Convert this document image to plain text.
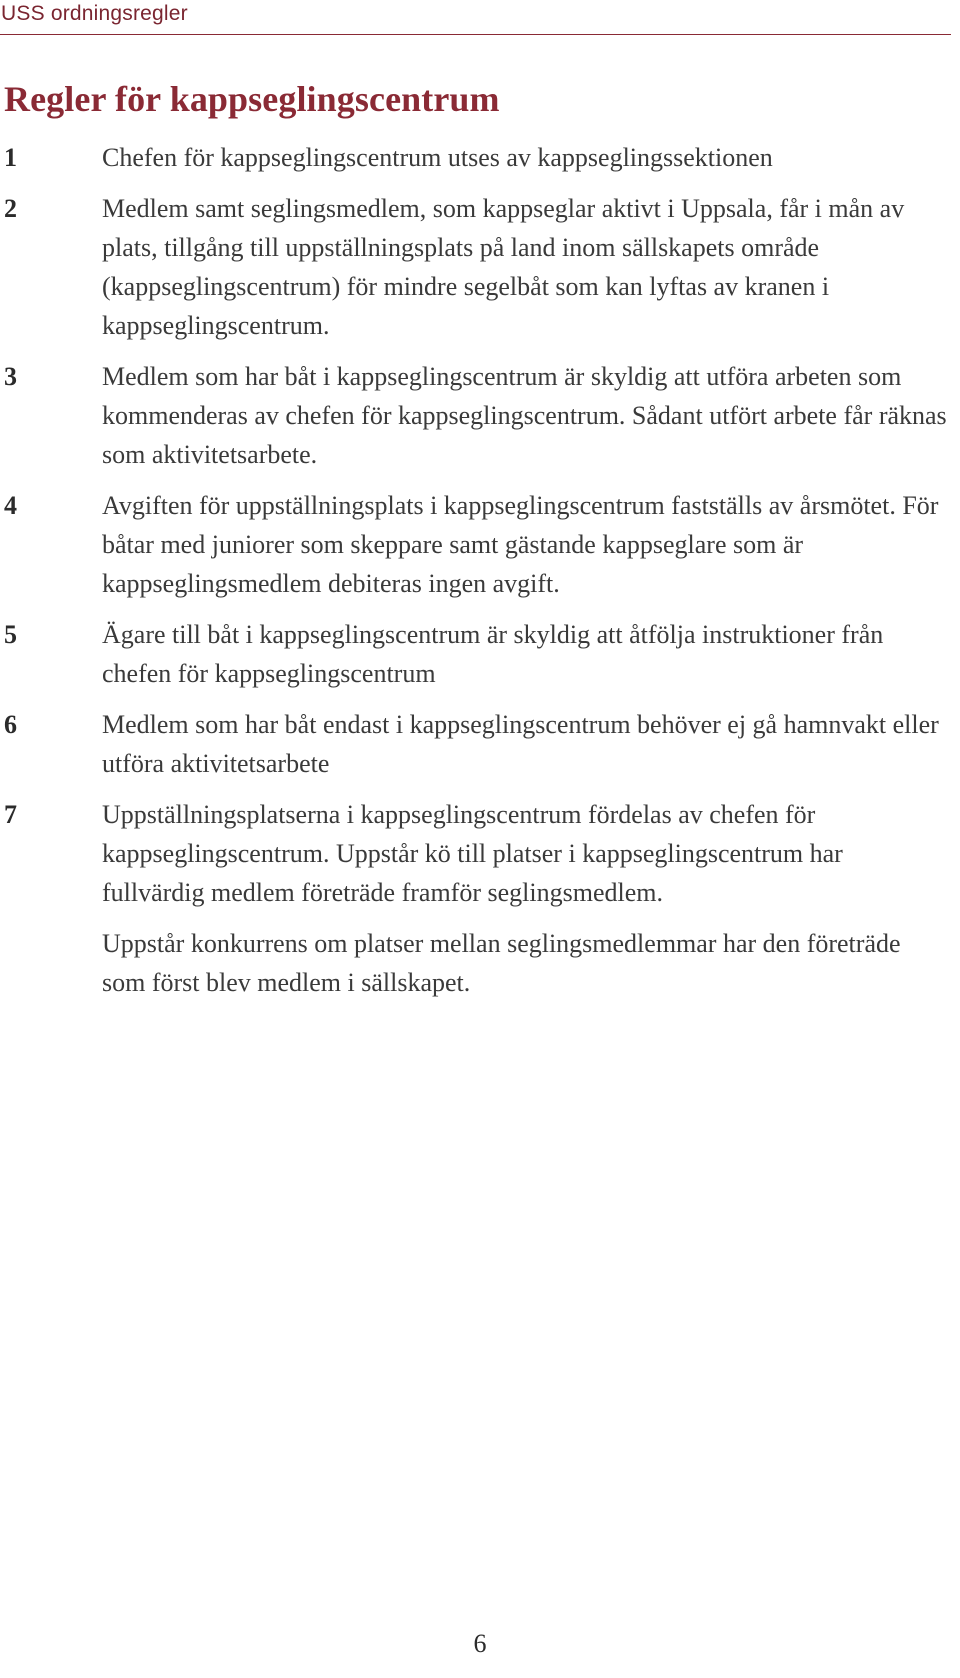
USS ordningsregler
Regler för kappseglingscentrum
1	Chefen för kappseglingscentrum utses av kappseglingssektionen

2	Medlem samt seglingsmedlem, som kappseglar aktivt i Uppsala, får i mån av plats, tillgång till uppställningsplats på land inom sällskapets område (kappseglingscentrum) för mindre segelbåt som kan lyftas av kranen i kappseglingscentrum.

3	Medlem som har båt i kappseglingscentrum är skyldig att utföra arbeten som kommenderas av chefen för kappseglingscentrum. Sådant utfört arbete får räknas som aktivitetsarbete.

4	Avgiften för uppställningsplats i kappseglingscentrum fastställs av årsmötet. För båtar med juniorer som skeppare samt gästande kappseglare som är kappseglingsmedlem debiteras ingen avgift.

5	Ägare till båt i kappseglingscentrum är skyldig att åtfölja instruktioner från chefen för kappseglingscentrum

6	Medlem som har båt endast i kappseglingscentrum behöver ej gå hamnvakt eller utföra aktivitetsarbete

7	Uppställningsplatserna i kappseglingscentrum fördelas av chefen för kappseglingscentrum. Uppstår kö till platser i kappseglingscentrum har fullvärdig medlem företräde framför seglingsmedlem.

Uppstår konkurrens om platser mellan seglingsmedlemmar har den företräde som först blev medlem i sällskapet.

6
